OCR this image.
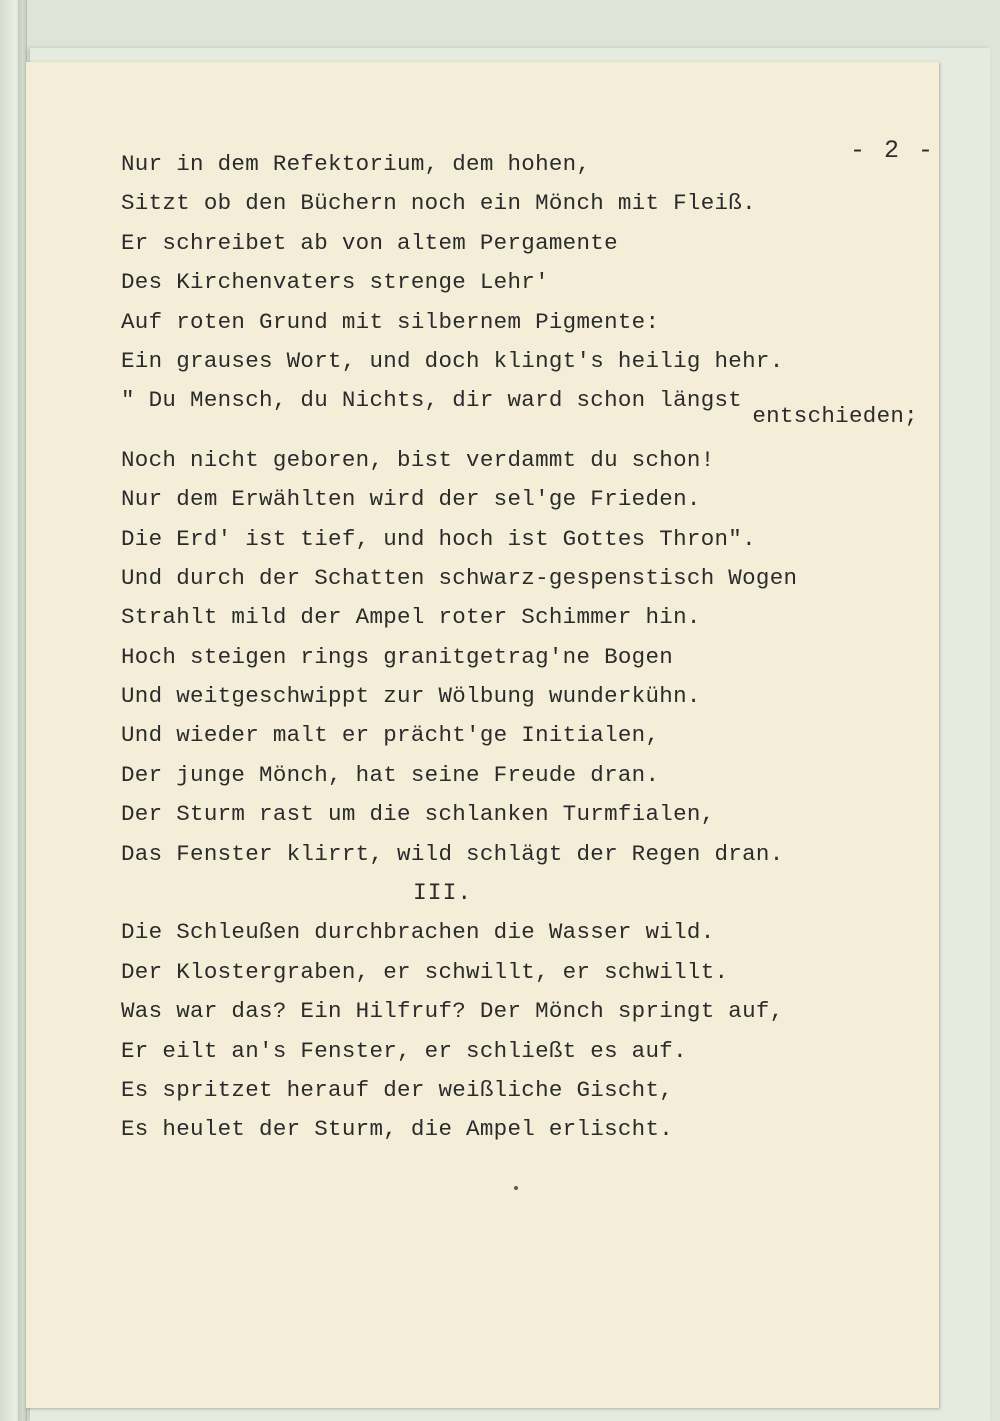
- 2 -
Nur in dem Refektorium, dem hohen,
Sitzt ob den Büchern noch ein Mönch mit Fleiß.
Er schreibet ab von altem Pergamente
Des Kirchenvaters strenge Lehr'
Auf roten Grund mit silbernem Pigmente:
Ein grauses Wort, und doch klingt's heilig hehr.
" Du Mensch, du Nichts, dir ward schon längst
entschieden;
Noch nicht geboren, bist verdammt du schon!
Nur dem Erwählten wird der sel'ge Frieden.
Die Erd' ist tief, und hoch ist Gottes Thron".
Und durch der Schatten schwarz-gespenstisch Wogen
Strahlt mild der Ampel roter Schimmer hin.
Hoch steigen rings granitgetrag'ne Bogen
Und weitgeschwippt zur Wölbung wunderkühn.
Und wieder malt er prächt'ge Initialen,
Der junge Mönch, hat seine Freude dran.
Der Sturm rast um die schlanken Turmfialen,
Das Fenster klirrt, wild schlägt der Regen dran.
III.
Die Schleußen durchbrachen die Wasser wild.
Der Klostergraben, er schwillt, er schwillt.
Was war das? Ein Hilfruf? Der Mönch springt auf,
Er eilt an's Fenster, er schließt es auf.
Es spritzet herauf der weißliche Gischt,
Es heulet der Sturm, die Ampel erlischt.
